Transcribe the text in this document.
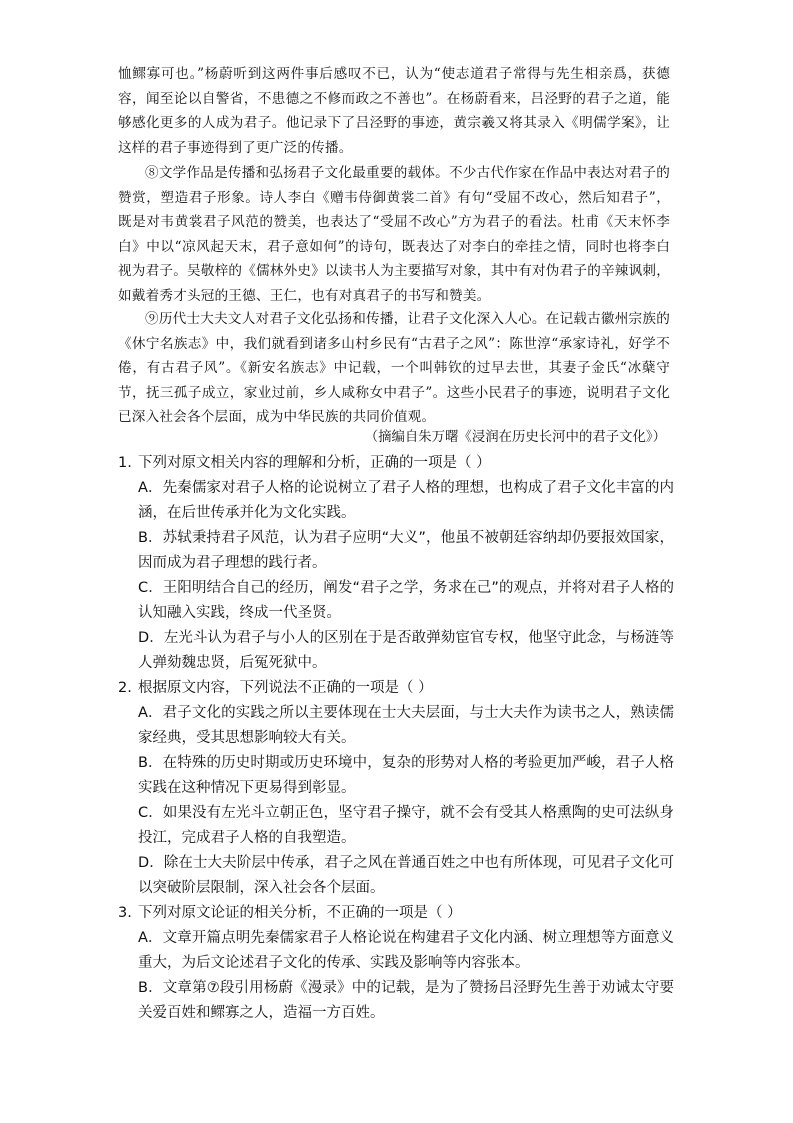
恤鳏寡可也。”杨蔚听到这两件事后感叹不已，认为“使志道君子常得与先生相亲爲，获德容，闻至论以自警省，不患德之不修而政之不善也”。在杨蔚看来，吕泾野的君子之道，能够感化更多的人成为君子。他记录下了吕泾野的事迹，黄宗羲又将其录入《明儒学案》，让这样的君子事迹得到了更广泛的传播。

⑧文学作品是传播和弘扬君子文化最重要的载体。不少古代作家在作品中表达对君子的赞赏，塑造君子形象。诗人李白《赠韦侍御黄裳二首》有句“受屈不改心，然后知君子”，既是对韦黄裳君子风范的赞美，也表达了“受屈不改心”方为君子的看法。杜甫《天末怀李白》中以“凉风起天末，君子意如何”的诗句，既表达了对李白的牵挂之情，同时也将李白视为君子。吴敬梓的《儒林外史》以读书人为主要描写对象，其中有对伪君子的辛辣讽刺，如戴着秀才头冠的王德、王仁，也有对真君子的书写和赞美。

⑨历代士大夫文人对君子文化弘扬和传播，让君子文化深入人心。在记载古徽州宗族的《休宁名族志》中，我们就看到诸多山村乡民有“古君子之风”：陈世淳“承家诗礼，好学不倦，有古君子风”。《新安名族志》中记载，一个叫韩钦的过早去世，其妻子金氏“冰蘖守节，抚三孤子成立，家业过前，乡人咸称女中君子”。这些小民君子的事迹，说明君子文化已深入社会各个层面，成为中华民族的共同价值观。

（摘编自朱万曙《浸润在历史长河中的君子文化》）

1. 下列对原文相关内容的理解和分析，正确的一项是（ ）

A．先秦儒家对君子人格的论说树立了君子人格的理想，也构成了君子文化丰富的内涵，在后世传承并化为文化实践。

B．苏轼秉持君子风范，认为君子应明“大义”，他虽不被朝廷容纳却仍要报效国家，因而成为君子理想的践行者。

C．王阳明结合自己的经历，阐发“君子之学，务求在己”的观点，并将对君子人格的认知融入实践，终成一代圣贤。

D．左光斗认为君子与小人的区别在于是否敢弹劾宦官专权，他坚守此念，与杨涟等人弹劾魏忠贤，后冤死狱中。

2. 根据原文内容，下列说法不正确的一项是（ ）

A．君子文化的实践之所以主要体现在士大夫层面，与士大夫作为读书之人，熟读儒家经典，受其思想影响较大有关。

B．在特殊的历史时期或历史环境中，复杂的形势对人格的考验更加严峻，君子人格实践在这种情况下更易得到彰显。

C．如果没有左光斗立朝正色，坚守君子操守，就不会有受其人格熏陶的史可法纵身投江，完成君子人格的自我塑造。

D．除在士大夫阶层中传承，君子之风在普通百姓之中也有所体现，可见君子文化可以突破阶层限制，深入社会各个层面。

3. 下列对原文论证的相关分析，不正确的一项是（ ）

A．文章开篇点明先秦儒家君子人格论说在构建君子文化内涵、树立理想等方面意义重大，为后文论述君子文化的传承、实践及影响等内容张本。

B．文章第⑦段引用杨蔚《漫录》中的记载，是为了赞扬吕泾野先生善于劝诫太守要关爱百姓和鳏寡之人，造福一方百姓。
